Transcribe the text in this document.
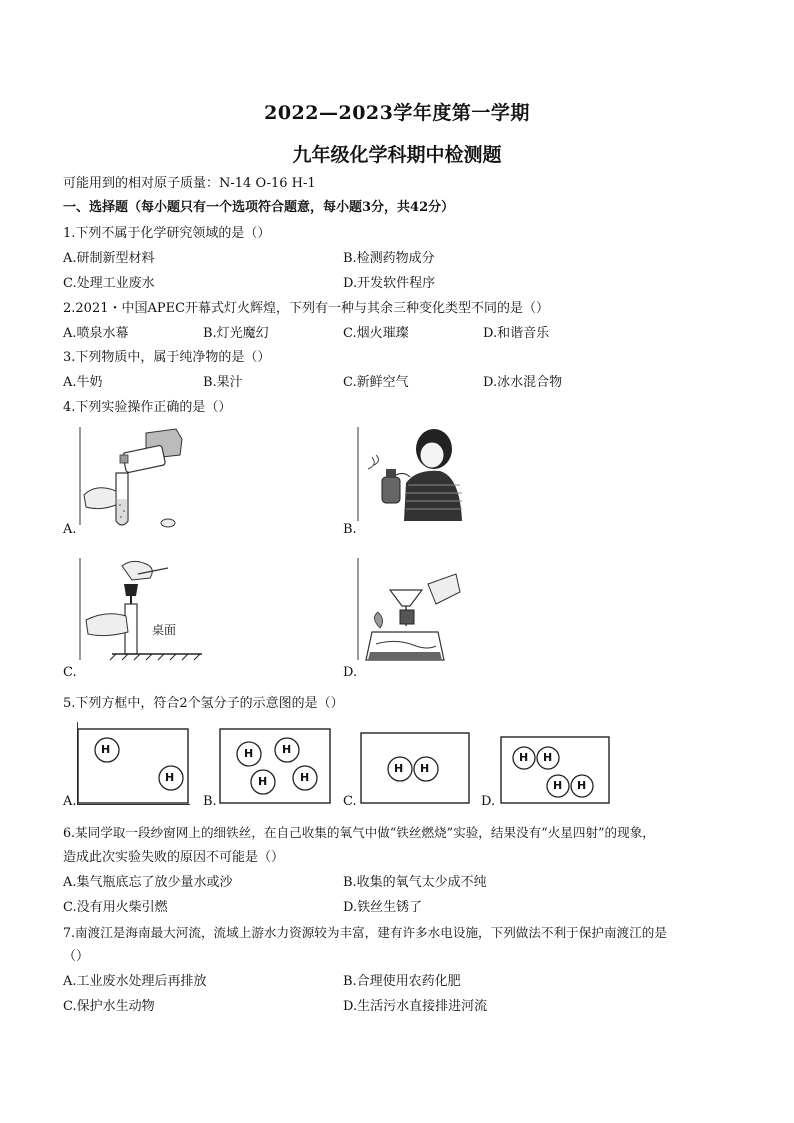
2022—2023学年度第一学期
九年级化学科期中检测题
可能用到的相对原子质量：N-14 O-16 H-1
一、选择题（每小题只有一个选项符合题意，每小题3分，共42分）
1.下列不属于化学研究领域的是（）
A.研制新型材料	B.检测药物成分
C.处理工业废水	D.开发软件程序
2.2021・中国APEC开幕式灯火辉煌，下列有一种与其余三种变化类型不同的是（）
A.喷泉水幕	B.灯光魔幻	C.烟火璀璨	D.和谐音乐
3.下列物质中，属于纯净物的是（）
A.牛奶	B.果汁	C.新鲜空气	D.冰水混合物
4.下列实验操作正确的是（）
A.	B.
桌面
C.	D.
5.下列方框中，符合2个氢分子的示意图的是（）
H
H
A.
H	H
H	H
B.
H H
C.
H H
H H
D.
6.某同学取一段纱窗网上的细铁丝，在自己收集的氧气中做“铁丝燃烧”实验，结果没有“火星四射”的现象，
造成此次实验失败的原因不可能是（）
A.集气瓶底忘了放少量水或沙	B.收集的氧气太少成不纯
C.没有用火柴引燃	D.铁丝生锈了
7.南渡江是海南最大河流，流域上游水力资源较为丰富，建有许多水电设施，下列做法不利于保护南渡江的是
（）
A.工业废水处理后再排放	B.合理使用农药化肥
C.保护水生动物	D.生活污水直接排进河流
